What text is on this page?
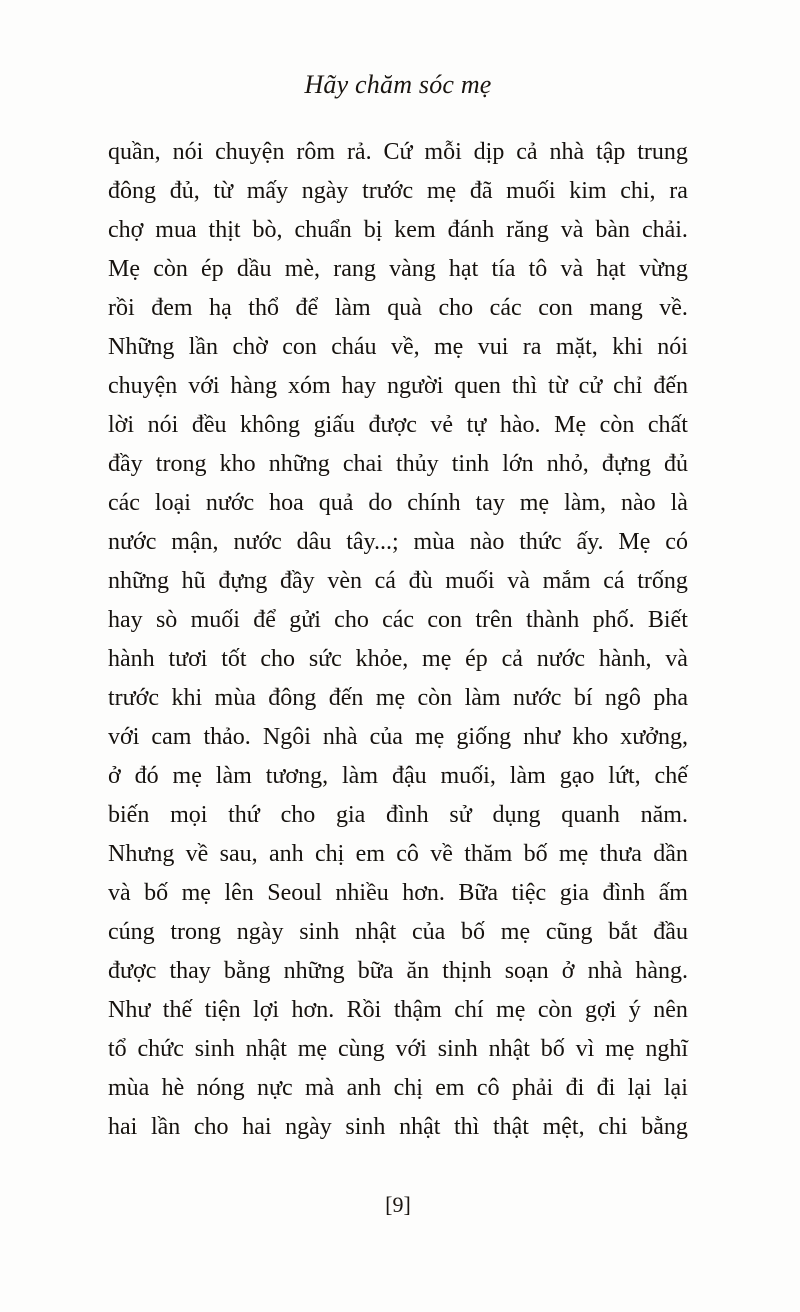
Hãy chăm sóc mẹ
quần, nói chuyện rôm rả. Cứ mỗi dịp cả nhà tập trung
đông đủ, từ mấy ngày trước mẹ đã muối kim chi, ra
chợ mua thịt bò, chuẩn bị kem đánh răng và bàn chải.
Mẹ còn ép dầu mè, rang vàng hạt tía tô và hạt vừng
rồi đem hạ thổ để làm quà cho các con mang về.
Những lần chờ con cháu về, mẹ vui ra mặt, khi nói
chuyện với hàng xóm hay người quen thì từ cử chỉ đến
lời nói đều không giấu được vẻ tự hào. Mẹ còn chất
đầy trong kho những chai thủy tinh lớn nhỏ, đựng đủ
các loại nước hoa quả do chính tay mẹ làm, nào là
nước mận, nước dâu tây...; mùa nào thức ấy. Mẹ có
những hũ đựng đầy vèn cá đù muối và mắm cá trống
hay sò muối để gửi cho các con trên thành phố. Biết
hành tươi tốt cho sức khỏe, mẹ ép cả nước hành, và
trước khi mùa đông đến mẹ còn làm nước bí ngô pha
với cam thảo. Ngôi nhà của mẹ giống như kho xưởng,
ở đó mẹ làm tương, làm đậu muối, làm gạo lứt, chế
biến mọi thứ cho gia đình sử dụng quanh năm.
Nhưng về sau, anh chị em cô về thăm bố mẹ thưa dần
và bố mẹ lên Seoul nhiều hơn. Bữa tiệc gia đình ấm
cúng trong ngày sinh nhật của bố mẹ cũng bắt đầu
được thay bằng những bữa ăn thịnh soạn ở nhà hàng.
Như thế tiện lợi hơn. Rồi thậm chí mẹ còn gợi ý nên
tổ chức sinh nhật mẹ cùng với sinh nhật bố vì mẹ nghĩ
mùa hè nóng nực mà anh chị em cô phải đi đi lại lại
hai lần cho hai ngày sinh nhật thì thật mệt, chi bằng
[9]
